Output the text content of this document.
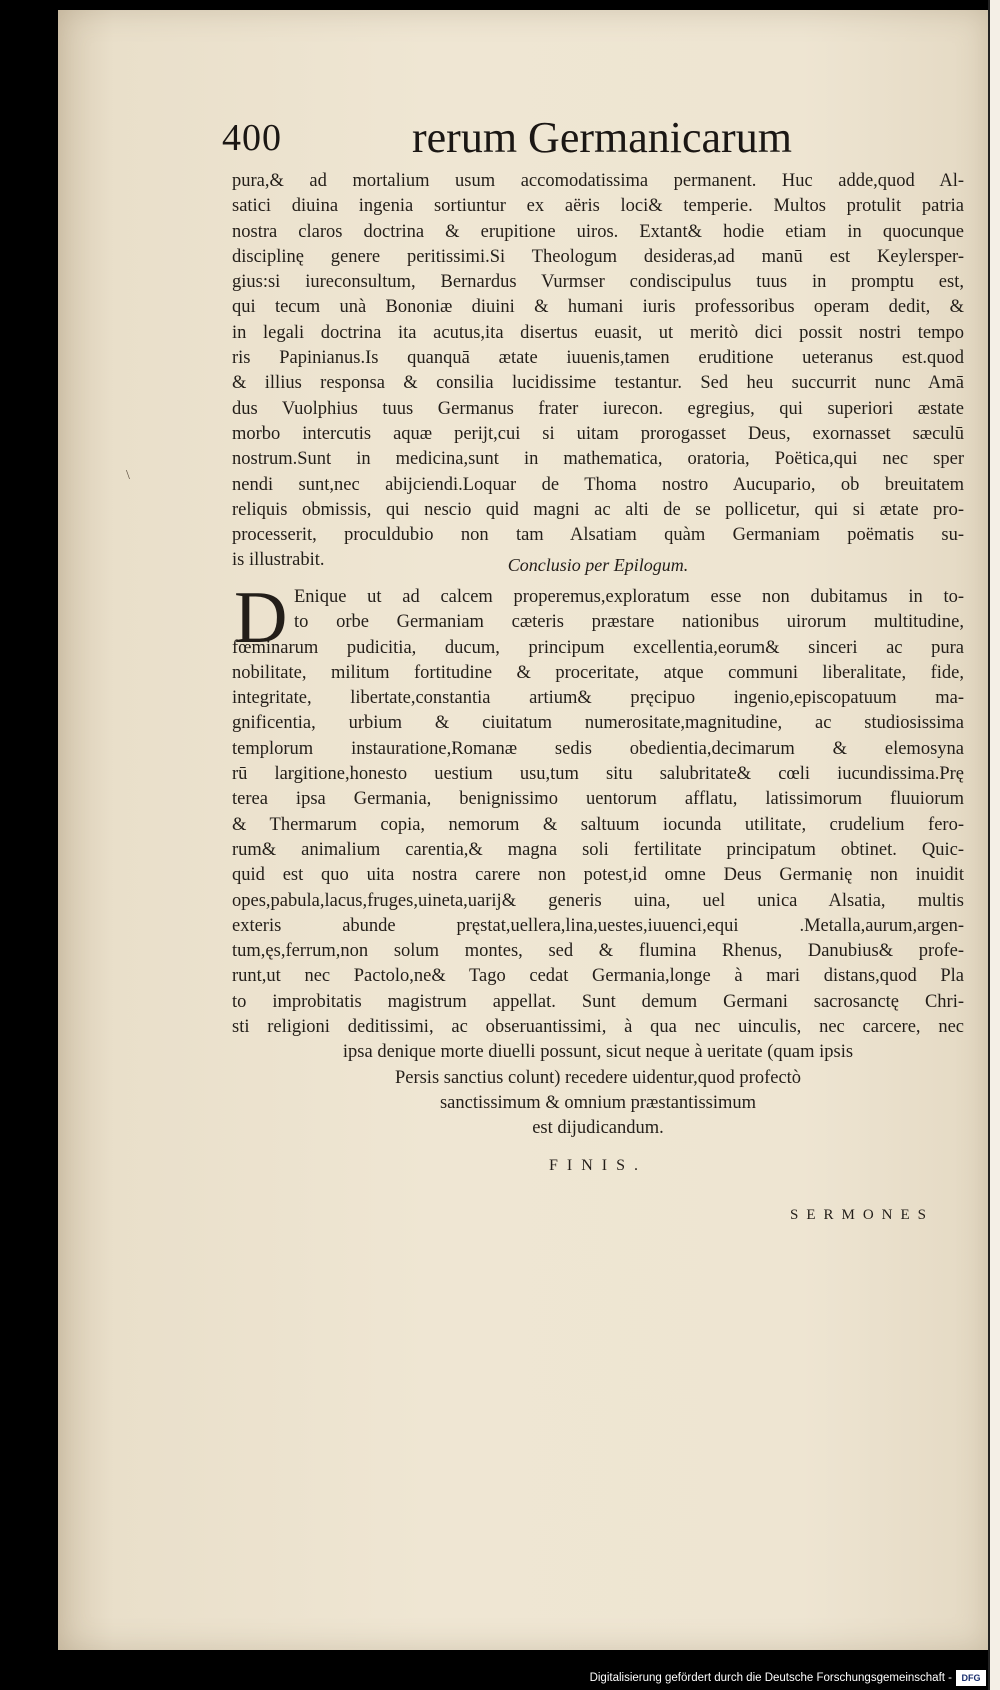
400	rerum Germanicarum
\
pura,& ad mortalium usum accomodatissima permanent. Huc adde,quod Al-
satici diuina ingenia sortiuntur ex aëris loci& temperie. Multos protulit patria
nostra claros doctrina & erupitione uiros. Extant& hodie etiam in quocunque
disciplinę genere peritissimi.Si Theologum desideras,ad manū est Keylersper-
gius:si iureconsultum, Bernardus Vurmser condiscipulus tuus in promptu est,
qui tecum unà Bononiæ diuini & humani iuris professoribus operam dedit, &
in legali doctrina ita acutus,ita disertus euasit, ut meritò dici possit nostri tempo
ris Papinianus.Is quanquā ætate iuuenis,tamen eruditione ueteranus est.quod
& illius responsa & consilia lucidissime testantur. Sed heu succurrit nunc Amā
dus Vuolphius tuus Germanus frater iurecon. egregius, qui superiori æstate
morbo intercutis aquæ periјt,cui si uitam prorogasset Deus, exornasset sæculū
nostrum.Sunt in medicina,sunt in mathematica, oratoria, Poëtica,qui nec sper
nendi sunt,nec abijciendi.Loquar de Thoma nostro Aucupario, ob breuitatem
reliquis obmissis, qui nescio quid magni ac alti de se pollicetur, qui si ætate pro-
processerit, proculdubio non tam Alsatiam quàm Germaniam poëmatis su-
is illustrabit.	Conclusio per Epilogum.
D Enique ut ad calcem properemus,exploratum esse non dubitamus in to-
to orbe Germaniam cæteris præstare nationibus uirorum multitudine,
fœminarum pudicitia, ducum, principum excellentia,eorum& sinceri ac pura
nobilitate, militum fortitudine & proceritate, atque communi liberalitate, fide,
integritate, libertate,constantia artium& pręcipuo ingenio,episcopatuum ma-
gnificentia, urbium & ciuitatum numerositate,magnitudine, ac studiosissima
templorum instauratione,Romanæ sedis obedientia,decimarum & elemosyna
rū largitione,honesto uestium usu,tum situ salubritate& cœli iucundissima.Prę
terea ipsa Germania, benignissimo uentorum afflatu, latissimorum fluuiorum
& Thermarum copia, nemorum & saltuum iocunda utilitate, crudelium fero-
rum& animalium carentia,& magna soli fertilitate principatum obtinet. Quic-
quid est quo uita nostra carere non potest,id omne Deus Germanię non inuidit
opes,pabula,lacus,fruges,uineta,uarij& generis uina, uel unica Alsatia, multis
exteris abunde pręstat,uellera,lina,uestes,iuuenci,equi .Metalla,aurum,argen-
tum,ęs,ferrum,non solum montes, sed & flumina Rhenus, Danubius& profe-
runt,ut nec Pactolo,ne& Tago cedat Germania,longe à mari distans,quod Pla
to improbitatis magistrum appellat. Sunt demum Germani sacrosanctę Chri-
sti religioni deditissimi, ac obseruantissimi, à qua nec uinculis, nec carcere, nec
ipsa denique morte diuelli possunt, sicut neque à ueritate (quam ipsis
Persis sanctius colunt) recedere uidentur,quod profectò
sanctissimum & omnium præstantissimum
est dijudicandum.
FINIS.
SERMONES
Digitalisierung gefördert durch die Deutsche Forschungsgemeinschaft -	DFG
